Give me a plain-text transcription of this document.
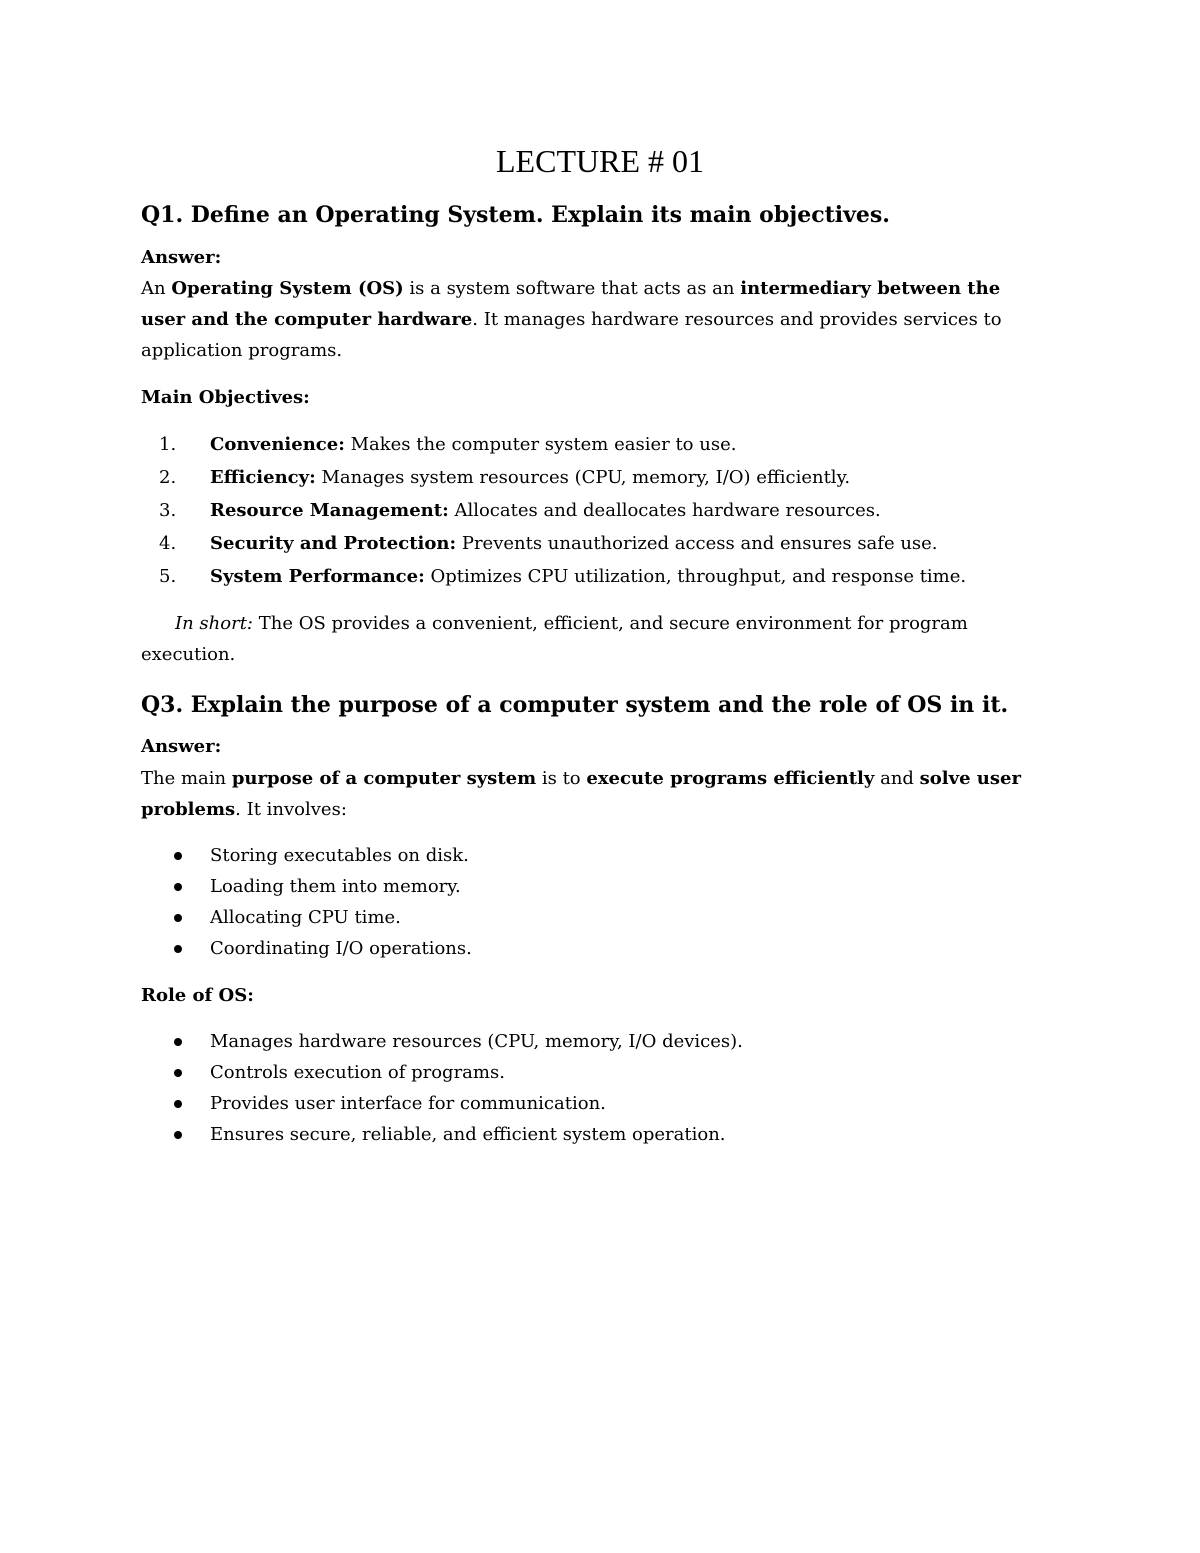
LECTURE # 01
Q1. Define an Operating System. Explain its main objectives.
Answer:
An Operating System (OS) is a system software that acts as an intermediary between the user and the computer hardware. It manages hardware resources and provides services to application programs.
Main Objectives:
1. Convenience: Makes the computer system easier to use.
2. Efficiency: Manages system resources (CPU, memory, I/O) efficiently.
3. Resource Management: Allocates and deallocates hardware resources.
4. Security and Protection: Prevents unauthorized access and ensures safe use.
5. System Performance: Optimizes CPU utilization, throughput, and response time.
In short: The OS provides a convenient, efficient, and secure environment for program execution.
Q3. Explain the purpose of a computer system and the role of OS in it.
Answer:
The main purpose of a computer system is to execute programs efficiently and solve user problems. It involves:
Storing executables on disk.
Loading them into memory.
Allocating CPU time.
Coordinating I/O operations.
Role of OS:
Manages hardware resources (CPU, memory, I/O devices).
Controls execution of programs.
Provides user interface for communication.
Ensures secure, reliable, and efficient system operation.
